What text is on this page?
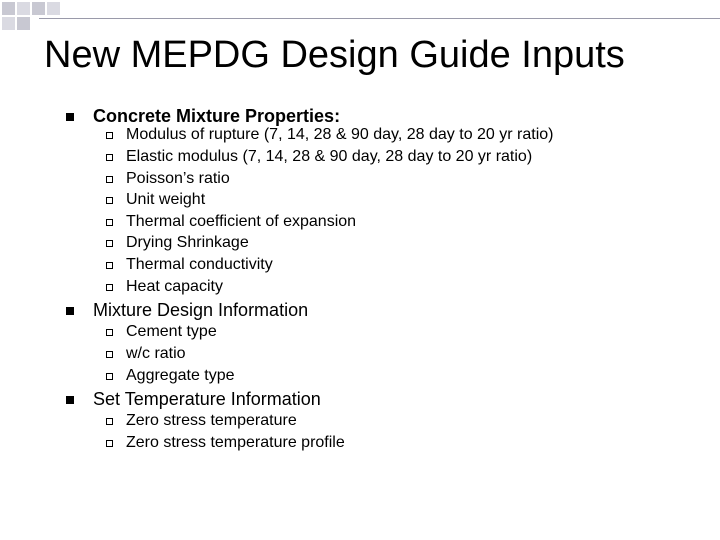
New MEPDG Design Guide Inputs
Concrete Mixture Properties:
Modulus of rupture (7, 14, 28 & 90 day, 28 day to 20 yr ratio)
Elastic modulus (7, 14, 28 & 90 day, 28 day to 20 yr ratio)
Poisson’s ratio
Unit weight
Thermal coefficient of expansion
Drying Shrinkage
Thermal conductivity
Heat capacity
Mixture Design Information
Cement type
w/c ratio
Aggregate type
Set Temperature Information
Zero stress temperature
Zero stress temperature profile
